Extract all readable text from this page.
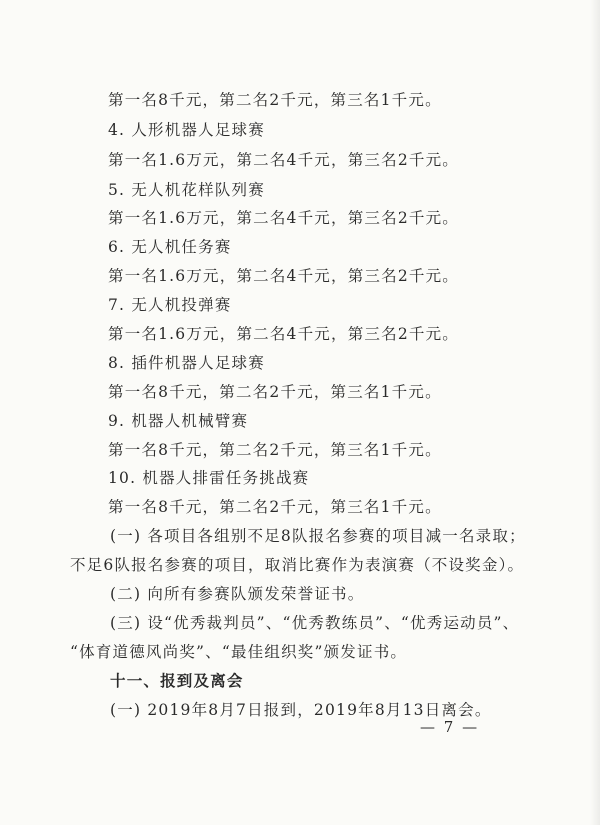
第一名8千元，第二名2千元，第三名1千元。
4. 人形机器人足球赛
第一名1.6万元，第二名4千元，第三名2千元。
5. 无人机花样队列赛
第一名1.6万元，第二名4千元，第三名2千元。
6. 无人机任务赛
第一名1.6万元，第二名4千元，第三名2千元。
7. 无人机投弹赛
第一名1.6万元，第二名4千元，第三名2千元。
8. 插件机器人足球赛
第一名8千元，第二名2千元，第三名1千元。
9. 机器人机械臂赛
第一名8千元，第二名2千元，第三名1千元。
10. 机器人排雷任务挑战赛
第一名8千元，第二名2千元，第三名1千元。
(一) 各项目各组别不足8队报名参赛的项目减一名录取；
不足6队报名参赛的项目，取消比赛作为表演赛（不设奖金）。
(二) 向所有参赛队颁发荣誉证书。
(三) 设“优秀裁判员”、“优秀教练员”、“优秀运动员”、
“体育道德风尚奖”、“最佳组织奖”颁发证书。
十一、报到及离会
(一) 2019年8月7日报到，2019年8月13日离会。
— 7 —
